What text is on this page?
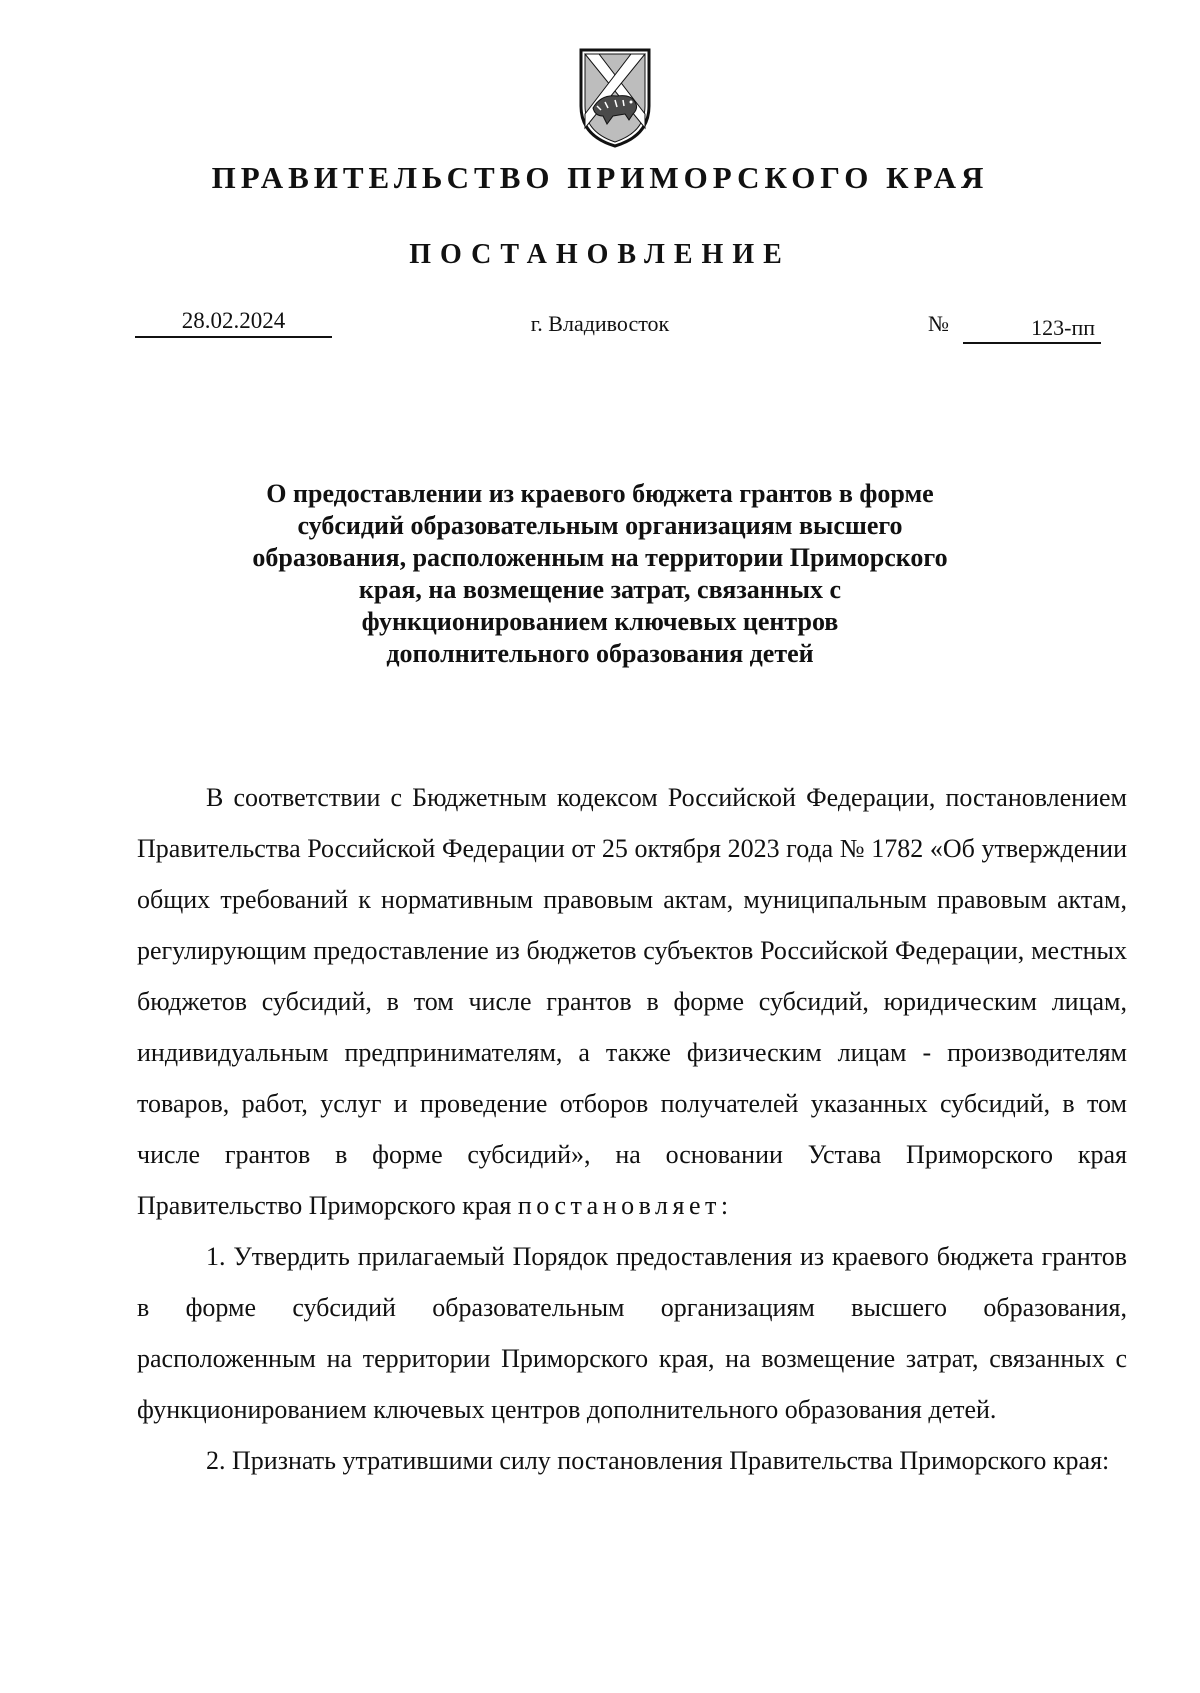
ПРАВИТЕЛЬСТВО ПРИМОРСКОГО КРАЯ
ПОСТАНОВЛЕНИЕ
28.02.2024	г. Владивосток	№	123-пп
О предоставлении из краевого бюджета грантов в форме
субсидий образовательным организациям высшего
образования, расположенным на территории Приморского
края, на возмещение затрат, связанных с
функционированием ключевых центров
дополнительного образования детей

В соответствии с Бюджетным кодексом Российской Федерации, постановлением Правительства Российской Федерации от 25 октября 2023 года № 1782 «Об утверждении общих требований к нормативным правовым актам, муниципальным правовым актам, регулирующим предоставление из бюджетов субъектов Российской Федерации, местных бюджетов субсидий, в том числе грантов в форме субсидий, юридическим лицам, индивидуальным предпринимателям, а также физическим лицам - производителям товаров, работ, услуг и проведение отборов получателей указанных субсидий, в том числе грантов в форме субсидий», на основании Устава Приморского края Правительство Приморского края постановляет:

1. Утвердить прилагаемый Порядок предоставления из краевого бюджета грантов в форме субсидий образовательным организациям высшего образования, расположенным на территории Приморского края, на возмещение затрат, связанных с функционированием ключевых центров дополнительного образования детей.

2. Признать утратившими силу постановления Правительства Приморского края:
